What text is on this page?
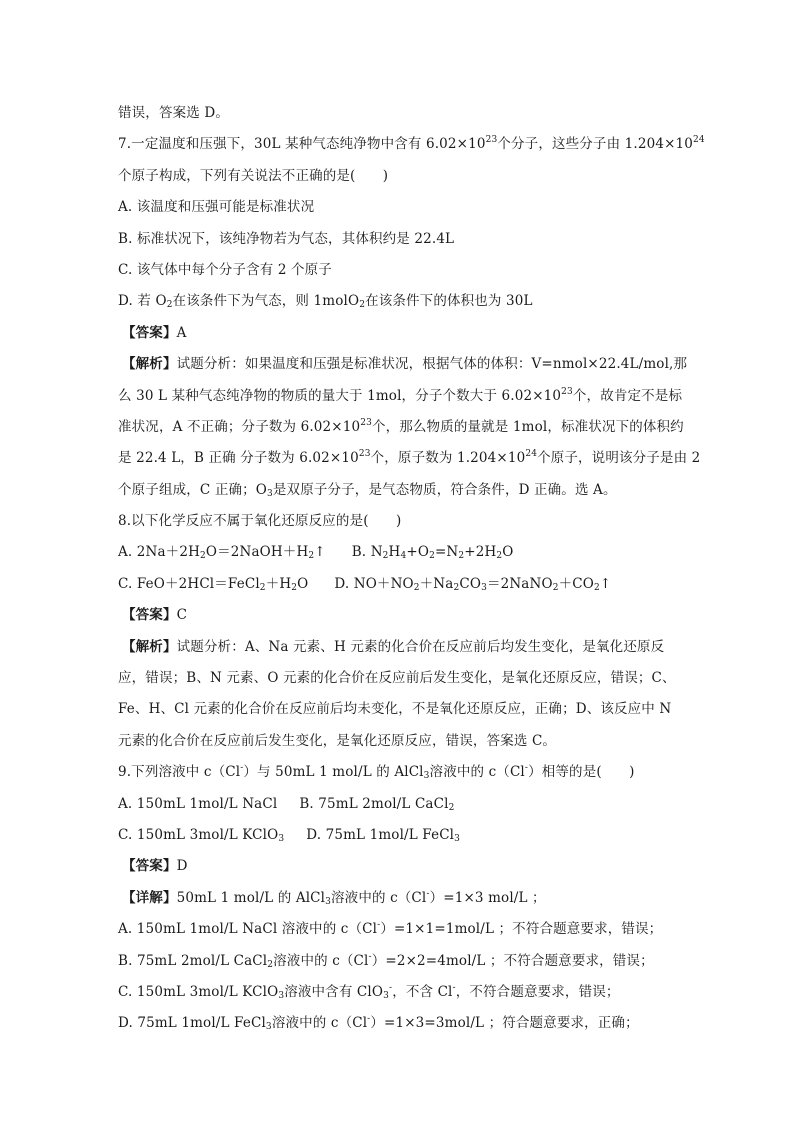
错误，答案选 D。
7.一定温度和压强下，30L 某种气态纯净物中含有 $6.02\times 10^{23}$个分子，这些分子由 $1.204\times 10^{24}$
个原子构成，下列有关说法不正确的是(　　)
A. 该温度和压强可能是标准状况
B. 标准状况下，该纯净物若为气态，其体积约是 22.4L
C. 该气体中每个分子含有 2 个原子
D. 若 $O_2$在该条件下为气态，则 1molO$_2$在该条件下的体积也为 30L
【答案】A
【解析】试题分析：如果温度和压强是标准状况，根据气体的体积：V=nmol×22.4L/mol,那
么 30 L 某种气态纯净物的物质的量大于 1mol，分子个数大于 $6.02\times 10^{23}$个，故肯定不是标
准状况，A 不正确；分子数为 $6.02\times 10^{23}$个，那么物质的量就是 1mol，标准状况下的体积约
是 22.4 L，B 正确 分子数为 $6.02\times 10^{23}$个，原子数为 $1.204\times 10^{24}$个原子，说明该分子是由 2
个原子组成，C 正确；$O_3$是双原子分子，是气态物质，符合条件，D 正确。选 A。
8.以下化学反应不属于氧化还原反应的是(　　)
A. $2Na+2H_2O=2NaOH+H_2↑$ B. $N_2H_4+O_2=N_2+2H_2O$
C. $FeO+2HCl=FeCl_2+H_2O$ D. $NO+NO_2+Na_2CO_3=2NaNO_2+CO_2↑$
【答案】C
【解析】试题分析：A、Na 元素、H 元素的化合价在反应前后均发生变化，是氧化还原反
应，错误；B、N 元素、O 元素的化合价在反应前后发生变化，是氧化还原反应，错误；C、
Fe、H、Cl 元素的化合价在反应前后均未变化，不是氧化还原反应，正确；D、该反应中 N
元素的化合价在反应前后发生变化，是氧化还原反应，错误，答案选 C。
9.下列溶液中 c（Cl-）与 50mL 1 mol/L 的 AlCl$_3$溶液中的 c（Cl-）相等的是(　　)
A. 150mL 1mol/L NaCl B. 75mL 2mol/L CaCl$_2$
C. 150mL 3mol/L KClO$_3$ D. 75mL 1mol/L FeCl$_3$
【答案】D
【详解】50mL 1 mol/L 的 AlCl$_3$溶液中的 c（Cl-）=1×3 mol/L ；
A. 150mL 1mol/L NaCl 溶液中的 c（Cl-）=1×1=1mol/L ；不符合题意要求，错误；
B. 75mL 2mol/L CaCl$_2$溶液中的 c（Cl-）=2×2=4mol/L ；不符合题意要求，错误；
C. 150mL 3mol/L KClO$_3$溶液中含有 ClO$_3$-，不含 Cl-，不符合题意要求，错误；
D. 75mL 1mol/L FeCl$_3$溶液中的 c（Cl-）=1×3=3mol/L ；符合题意要求，正确；
